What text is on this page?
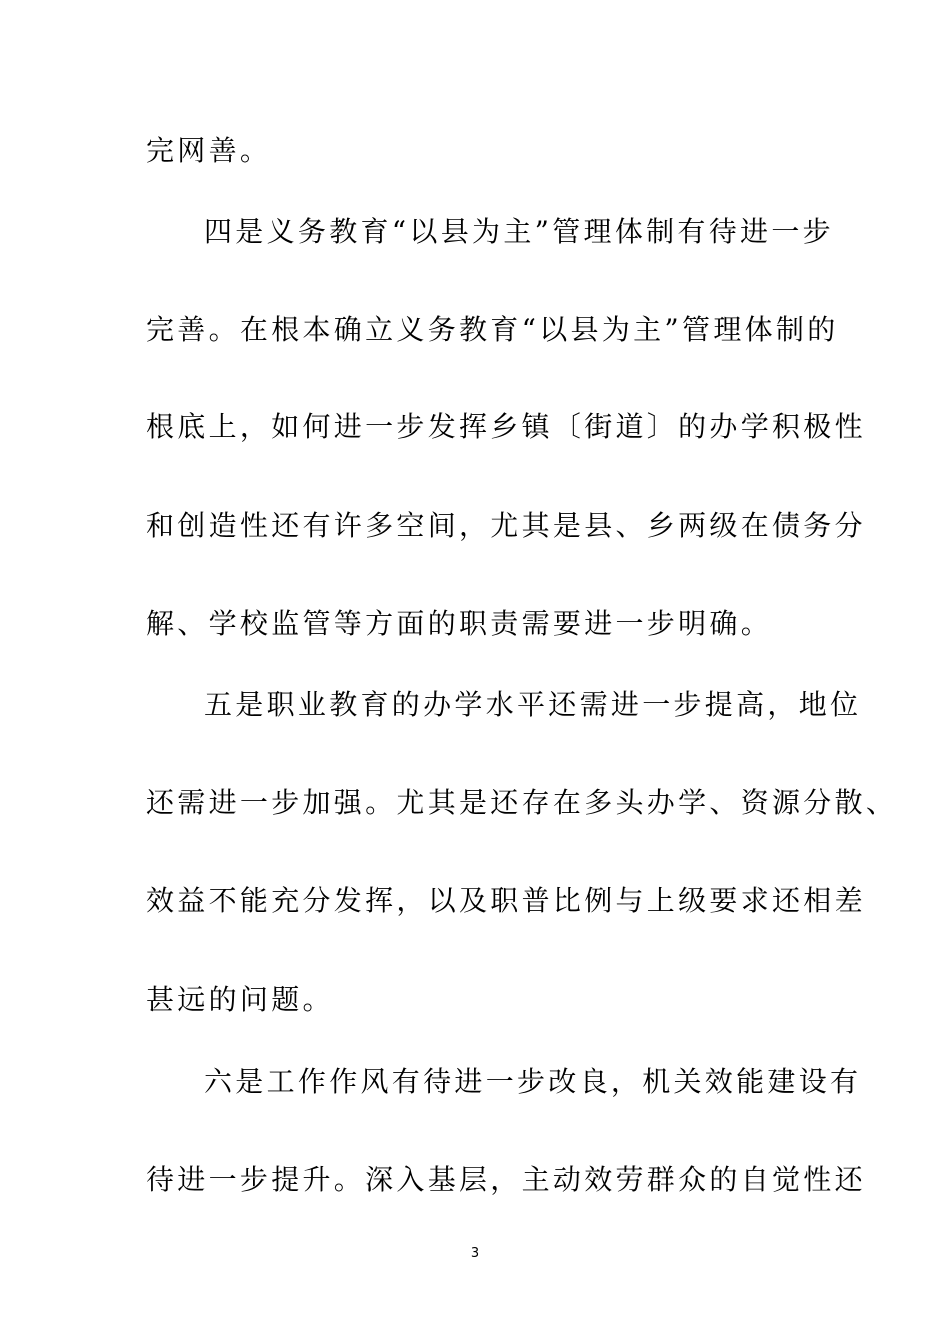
完网善。
四是义务教育“以县为主”管理体制有待进一步
完善。在根本确立义务教育“以县为主”管理体制的
根底上，如何进一步发挥乡镇〔街道〕的办学积极性
和创造性还有许多空间，尤其是县、乡两级在债务分
解、学校监管等方面的职责需要进一步明确。
五是职业教育的办学水平还需进一步提高，地位
还需进一步加强。尤其是还存在多头办学、资源分散、
效益不能充分发挥，以及职普比例与上级要求还相差
甚远的问题。
六是工作作风有待进一步改良，机关效能建设有
待进一步提升。深入基层，主动效劳群众的自觉性还
3
